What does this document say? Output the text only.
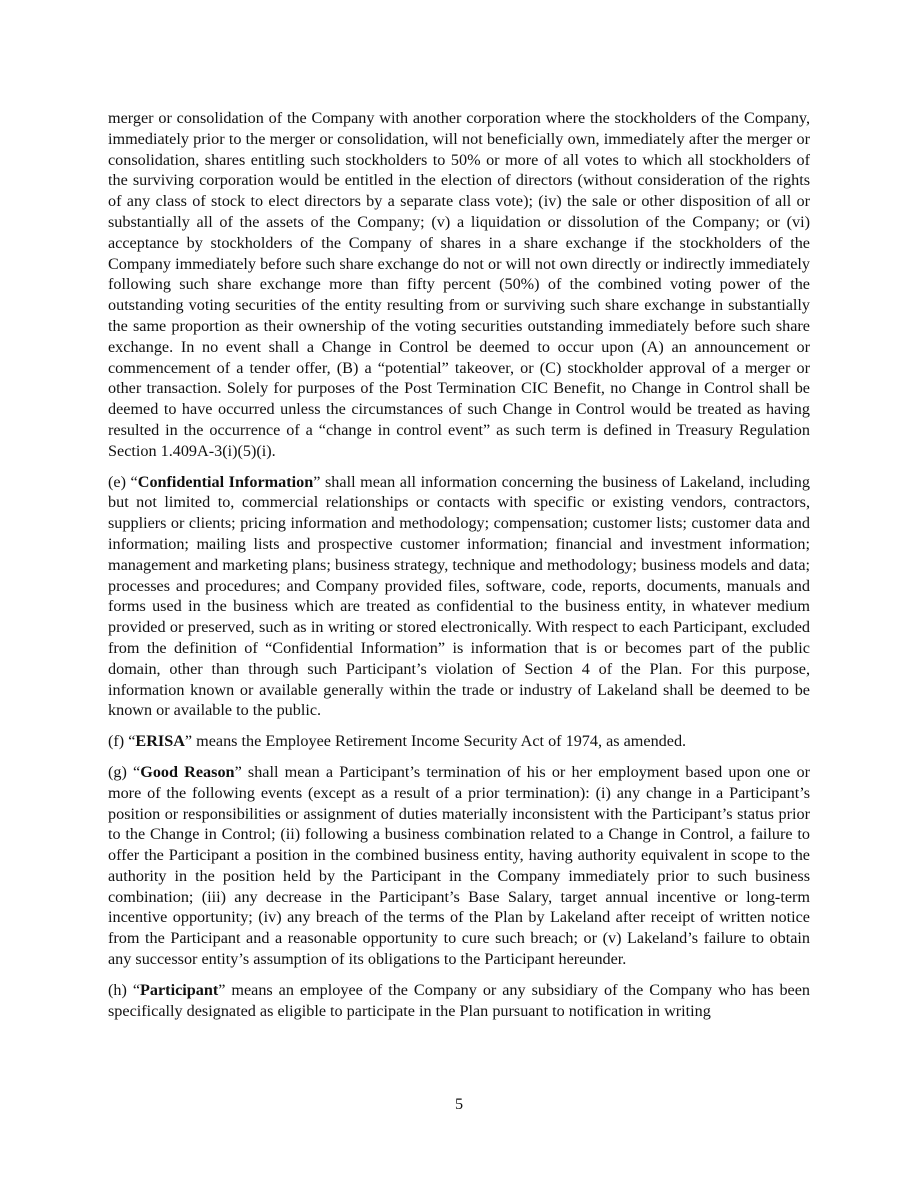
merger or consolidation of the Company with another corporation where the stockholders of the Company, immediately prior to the merger or consolidation, will not beneficially own, immediately after the merger or consolidation, shares entitling such stockholders to 50% or more of all votes to which all stockholders of the surviving corporation would be entitled in the election of directors (without consideration of the rights of any class of stock to elect directors by a separate class vote); (iv) the sale or other disposition of all or substantially all of the assets of the Company; (v) a liquidation or dissolution of the Company; or (vi) acceptance by stockholders of the Company of shares in a share exchange if the stockholders of the Company immediately before such share exchange do not or will not own directly or indirectly immediately following such share exchange more than fifty percent (50%) of the combined voting power of the outstanding voting securities of the entity resulting from or surviving such share exchange in substantially the same proportion as their ownership of the voting securities outstanding immediately before such share exchange. In no event shall a Change in Control be deemed to occur upon (A) an announcement or commencement of a tender offer, (B) a “potential” takeover, or (C) stockholder approval of a merger or other transaction. Solely for purposes of the Post Termination CIC Benefit, no Change in Control shall be deemed to have occurred unless the circumstances of such Change in Control would be treated as having resulted in the occurrence of a “change in control event” as such term is defined in Treasury Regulation Section 1.409A-3(i)(5)(i).

(e) “Confidential Information” shall mean all information concerning the business of Lakeland, including but not limited to, commercial relationships or contacts with specific or existing vendors, contractors, suppliers or clients; pricing information and methodology; compensation; customer lists; customer data and information; mailing lists and prospective customer information; financial and investment information; management and marketing plans; business strategy, technique and methodology; business models and data; processes and procedures; and Company provided files, software, code, reports, documents, manuals and forms used in the business which are treated as confidential to the business entity, in whatever medium provided or preserved, such as in writing or stored electronically. With respect to each Participant, excluded from the definition of “Confidential Information” is information that is or becomes part of the public domain, other than through such Participant’s violation of Section 4 of the Plan. For this purpose, information known or available generally within the trade or industry of Lakeland shall be deemed to be known or available to the public.

(f) “ERISA” means the Employee Retirement Income Security Act of 1974, as amended.

(g) “Good Reason” shall mean a Participant’s termination of his or her employment based upon one or more of the following events (except as a result of a prior termination): (i) any change in a Participant’s position or responsibilities or assignment of duties materially inconsistent with the Participant’s status prior to the Change in Control; (ii) following a business combination related to a Change in Control, a failure to offer the Participant a position in the combined business entity, having authority equivalent in scope to the authority in the position held by the Participant in the Company immediately prior to such business combination; (iii) any decrease in the Participant’s Base Salary, target annual incentive or long-term incentive opportunity; (iv) any breach of the terms of the Plan by Lakeland after receipt of written notice from the Participant and a reasonable opportunity to cure such breach; or (v) Lakeland’s failure to obtain any successor entity’s assumption of its obligations to the Participant hereunder.

(h) “Participant” means an employee of the Company or any subsidiary of the Company who has been specifically designated as eligible to participate in the Plan pursuant to notification in writing

5
